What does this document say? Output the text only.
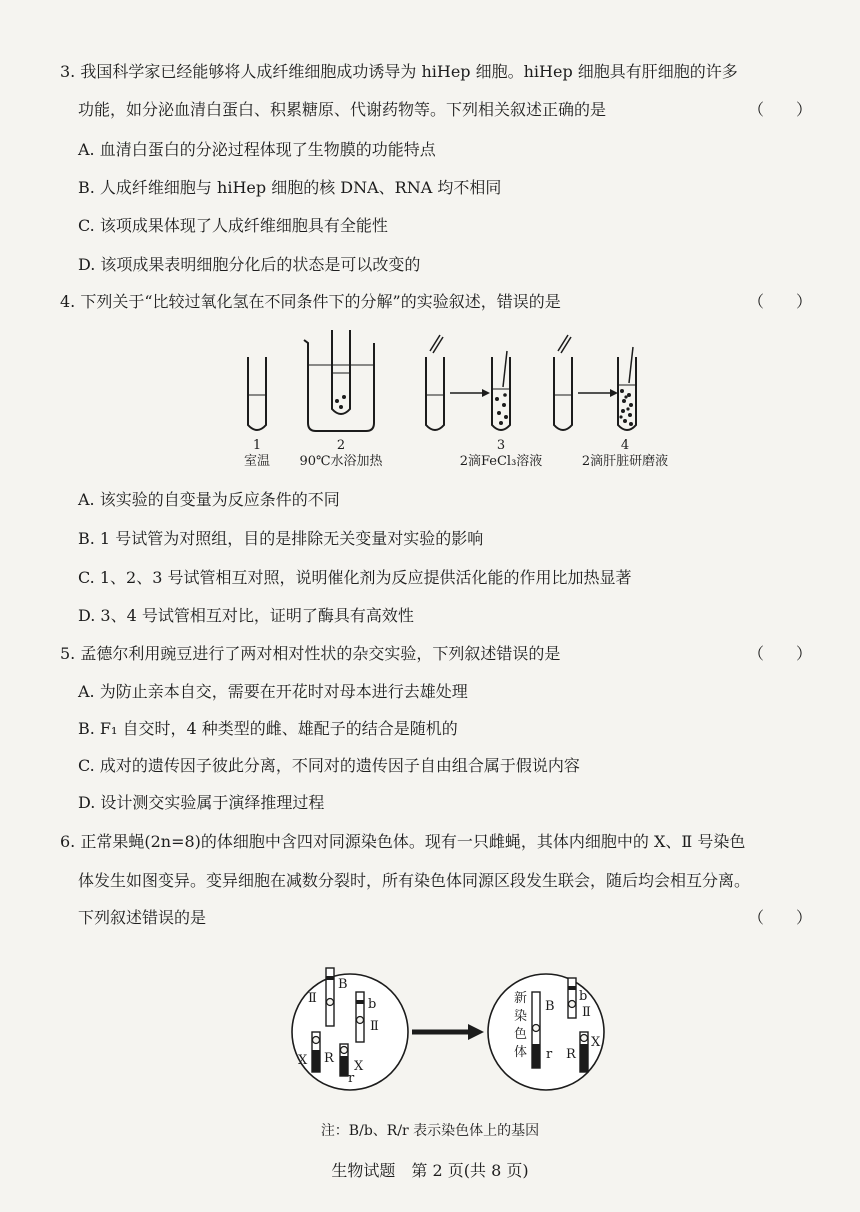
3. 我国科学家已经能够将人成纤维细胞成功诱导为 hiHep 细胞。hiHep 细胞具有肝细胞的许多
功能，如分泌血清白蛋白、积累糖原、代谢药物等。下列相关叙述正确的是	（　　）
A. 血清白蛋白的分泌过程体现了生物膜的功能特点
B. 人成纤维细胞与 hiHep 细胞的核 DNA、RNA 均不相同
C. 该项成果体现了人成纤维细胞具有全能性
D. 该项成果表明细胞分化后的状态是可以改变的
4. 下列关于“比较过氧化氢在不同条件下的分解”的实验叙述，错误的是	（　　）
1
室温
2
90℃水浴加热
3
2滴FeCl₃溶液
4
2滴肝脏研磨液
A. 该实验的自变量为反应条件的不同
B. 1 号试管为对照组，目的是排除无关变量对实验的影响
C. 1、2、3 号试管相互对照，说明催化剂为反应提供活化能的作用比加热显著
D. 3、4 号试管相互对比，证明了酶具有高效性
5. 孟德尔利用豌豆进行了两对相对性状的杂交实验，下列叙述错误的是	（　　）
A. 为防止亲本自交，需要在开花时对母本进行去雄处理
B. F₁ 自交时，4 种类型的雌、雄配子的结合是随机的
C. 成对的遗传因子彼此分离，不同对的遗传因子自由组合属于假说内容
D. 设计测交实验属于演绎推理过程
6. 正常果蝇(2n=8)的体细胞中含四对同源染色体。现有一只雌蝇，其体内细胞中的 X、Ⅱ 号染色
体发生如图变异。变异细胞在减数分裂时，所有染色体同源区段发生联会，随后均会相互分离。
下列叙述错误的是	（　　）
Ⅱ
B
b
Ⅱ
X R
r
X
新
染
色
体
B
r
b
Ⅱ
R
X
注：B/b、R/r 表示染色体上的基因
生物试题　第 2 页(共 8 页)
